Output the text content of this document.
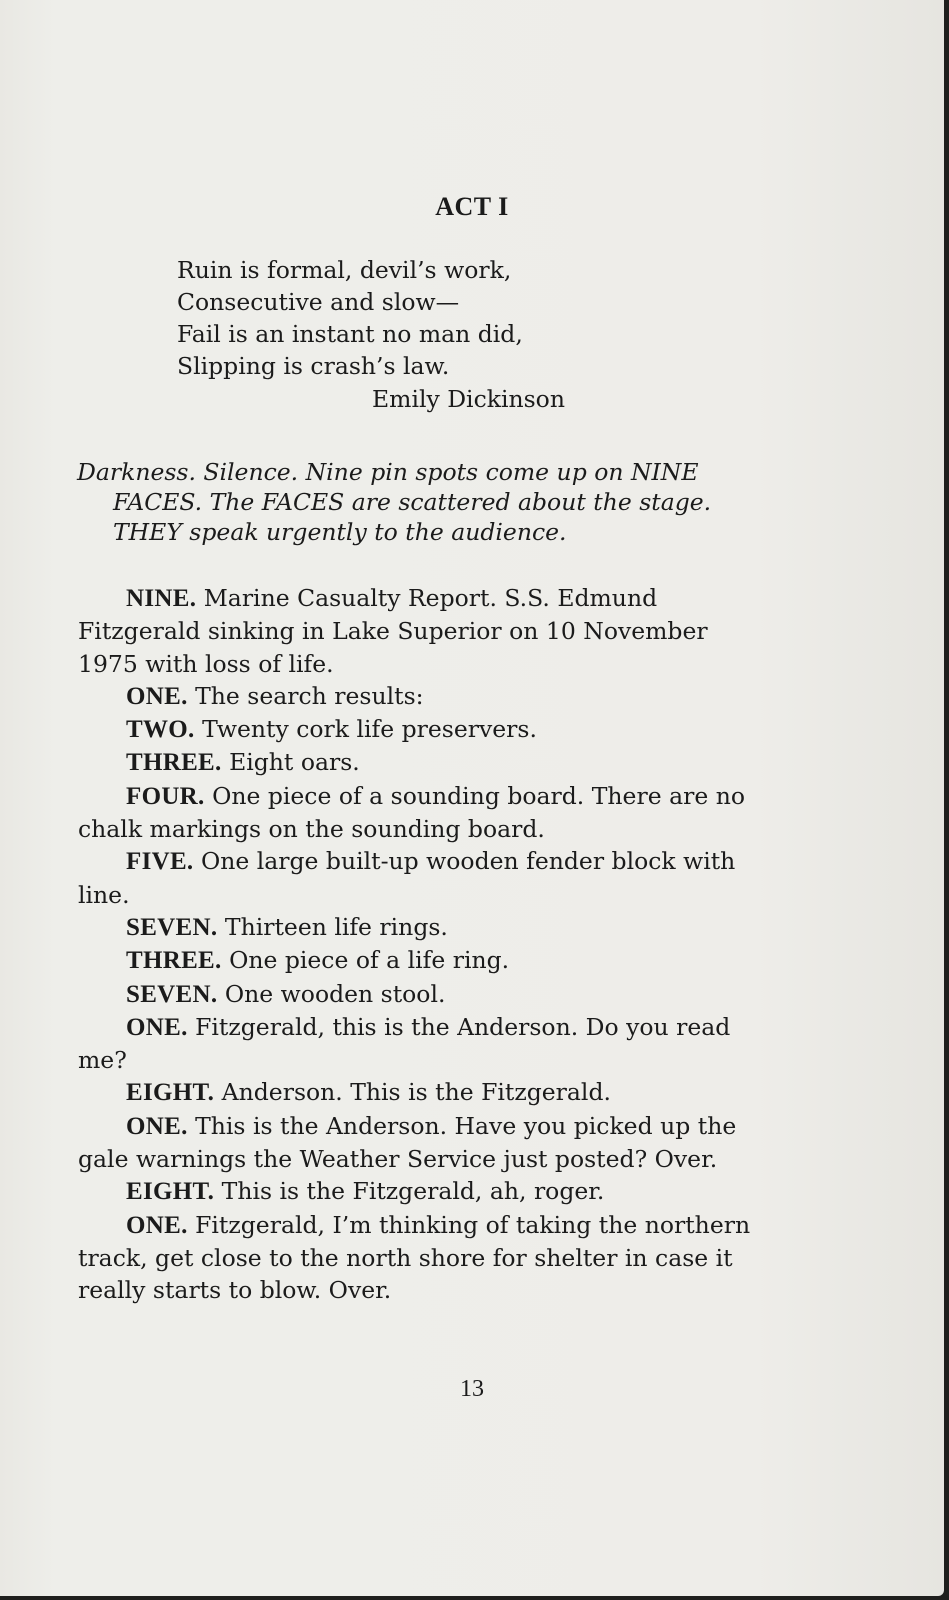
ACT I
Ruin is formal, devil’s work,
Consecutive and slow—
Fail is an instant no man did,
Slipping is crash’s law.
Emily Dickinson
Darkness. Silence. Nine pin spots come up on NINE
FACES. The FACES are scattered about the stage.
THEY speak urgently to the audience.
NINE. Marine Casualty Report. S.S. Edmund
Fitzgerald sinking in Lake Superior on 10 November
1975 with loss of life.
ONE. The search results:
TWO. Twenty cork life preservers.
THREE. Eight oars.
FOUR. One piece of a sounding board. There are no
chalk markings on the sounding board.
FIVE. One large built-up wooden fender block with
line.
SEVEN. Thirteen life rings.
THREE. One piece of a life ring.
SEVEN. One wooden stool.
ONE. Fitzgerald, this is the Anderson. Do you read
me?
EIGHT. Anderson. This is the Fitzgerald.
ONE. This is the Anderson. Have you picked up the
gale warnings the Weather Service just posted? Over.
EIGHT. This is the Fitzgerald, ah, roger.
ONE. Fitzgerald, I’m thinking of taking the northern
track, get close to the north shore for shelter in case it
really starts to blow. Over.
13
